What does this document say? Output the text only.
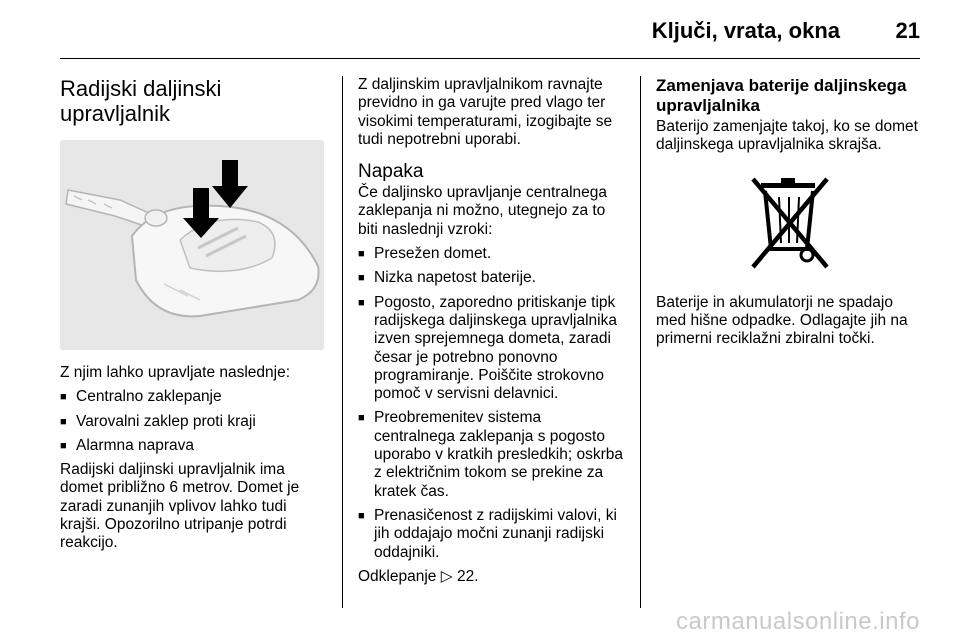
Ključi, vrata, okna	21
Radijski daljinski upravljalnik

Z njim lahko upravljate naslednje:

■ Centralno zaklepanje
■ Varovalni zaklep proti kraji
■ Alarmna naprava

Radijski daljinski upravljalnik ima domet približno 6 metrov. Domet je zaradi zunanjih vplivov lahko tudi krajši. Opozorilno utripanje potrdi reakcijo.

Z daljinskim upravljalnikom ravnajte previdno in ga varujte pred vlago ter visokimi temperaturami, izogibajte se tudi nepotrebni uporabi.

Napaka

Če daljinsko upravljanje centralnega zaklepanja ni možno, utegnejo za to biti naslednji vzroki:

■ Presežen domet.
■ Nizka napetost baterije.
■ Pogosto, zaporedno pritiskanje tipk radijskega daljinskega upravljalnika izven sprejemnega dometa, zaradi česar je potrebno ponovno programiranje. Poiščite strokovno pomoč v servisni delavnici.
■ Preobremenitev sistema centralnega zaklepanja s pogosto uporabo v kratkih presledkih; oskrba z električnim tokom se prekine za kratek čas.
■ Prenasičenost z radijskimi valovi, ki jih oddajajo močni zunanji radijski oddajniki.

Odklepanje ▷ 22.

Zamenjava baterije daljinskega upravljalnika

Baterijo zamenjajte takoj, ko se domet daljinskega upravljalnika skrajša.

Baterije in akumulatorji ne spadajo med hišne odpadke. Odlagajte jih na primerni reciklažni zbiralni točki.

carmanualsonline.info
